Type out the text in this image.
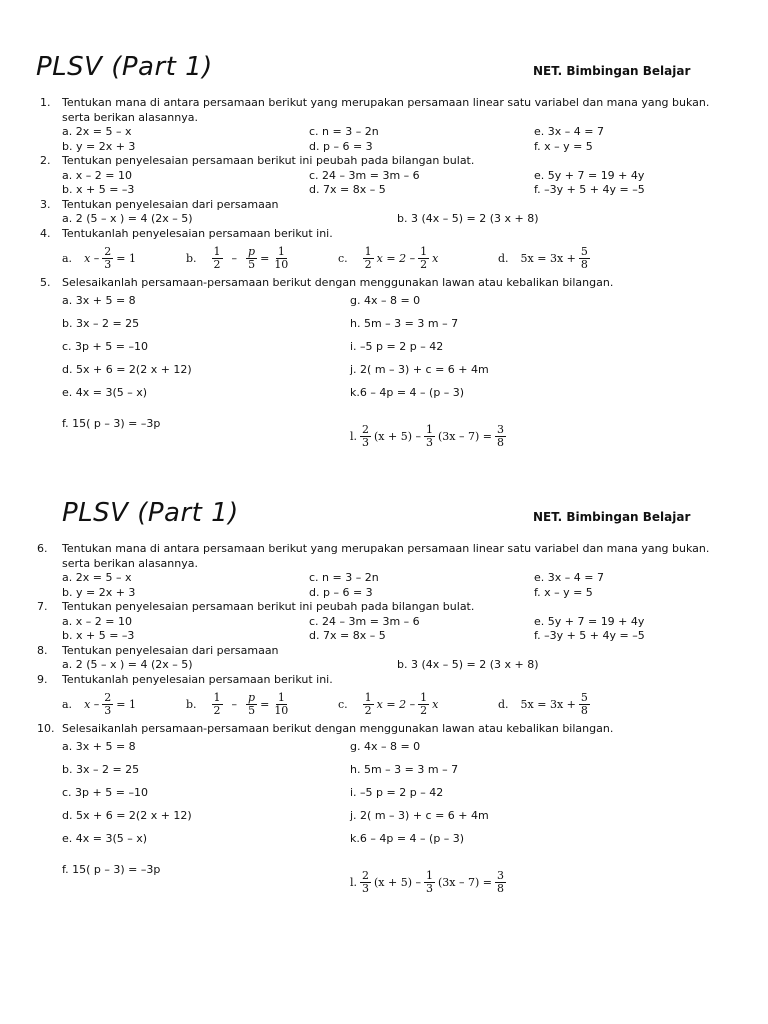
PLSV (Part 1)	NET. Bimbingan Belajar
1. Tentukan mana di antara persamaan berikut yang merupakan persamaan linear satu variabel dan mana yang bukan. serta berikan alasannya.
a. 2x = 5 – x	c. n = 3 – 2n	e. 3x – 4 = 7
b. y = 2x + 3	d. p – 6 = 3	f. x – y = 5
2. Tentukan penyelesaian persamaan berikut ini peubah pada bilangan bulat.
a. x – 2 = 10	c. 24 – 3m = 3m – 6	e. 5y + 7 = 19 + 4y
b. x + 5 = –3	d. 7x = 8x – 5	f. –3y + 5 + 4y = –5
3. Tentukan penyelesaian dari persamaan
a. 2 (5 – x ) = 4 (2x – 5)	b. 3 (4x – 5) = 2 (3 x + 8)
4. Tentukanlah penyelesaian persamaan berikut ini.
a. $x - \frac{2}{3} = 1$	b. $\frac{1}{2} - \frac{p}{5} = \frac{1}{10}$	c. $\frac{1}{2}$ $x = 2 - \frac{1}{2}$ x	d. $5x = 3x + \frac{5}{8}$
5. Selesaikanlah persamaan-persamaan berikut dengan menggunakan lawan atau kebalikan bilangan.
a. 3x + 5 = 8	g. 4x – 8 = 0
b. 3x – 2 = 25	h. 5m – 3 = 3 m – 7
c. 3p + 5 = –10	i. –5 p = 2 p – 42
d. 5x + 6 = 2(2 x + 12)	j. 2( m – 3) + c = 6 + 4m
e. 4x = 3(5 – x)	k.6 – 4p = 4 – (p – 3)
f. 15( p – 3) = –3p
l. $\frac{2}{3} (x + 5) - \frac{1}{3} (3x - 7) = \frac{3}{8}$
PLSV (Part 1)	NET. Bimbingan Belajar
6. Tentukan mana di antara persamaan berikut yang merupakan persamaan linear satu variabel dan mana yang bukan. serta berikan alasannya.
a. 2x = 5 – x	c. n = 3 – 2n	e. 3x – 4 = 7
b. y = 2x + 3	d. p – 6 = 3	f. x – y = 5
7. Tentukan penyelesaian persamaan berikut ini peubah pada bilangan bulat.
a. x – 2 = 10	c. 24 – 3m = 3m – 6	e. 5y + 7 = 19 + 4y
b. x + 5 = –3	d. 7x = 8x – 5	f. –3y + 5 + 4y = –5
8. Tentukan penyelesaian dari persamaan
a. 2 (5 – x ) = 4 (2x – 5)	b. 3 (4x – 5) = 2 (3 x + 8)
9. Tentukanlah penyelesaian persamaan berikut ini.
a. $x - \frac{2}{3} = 1$	b. $\frac{1}{2} - \frac{p}{5} = \frac{1}{10}$	c. $\frac{1}{2}$ $x = 2 - \frac{1}{2}$ x	d. $5x = 3x + \frac{5}{8}$
10. Selesaikanlah persamaan-persamaan berikut dengan menggunakan lawan atau kebalikan bilangan.
a. 3x + 5 = 8	g. 4x – 8 = 0
b. 3x – 2 = 25	h. 5m – 3 = 3 m – 7
c. 3p + 5 = –10	i. –5 p = 2 p – 42
d. 5x + 6 = 2(2 x + 12)	j. 2( m – 3) + c = 6 + 4m
e. 4x = 3(5 – x)	k.6 – 4p = 4 – (p – 3)
f. 15( p – 3) = –3p
l. $\frac{2}{3} (x + 5) - \frac{1}{3} (3x - 7) = \frac{3}{8}$
